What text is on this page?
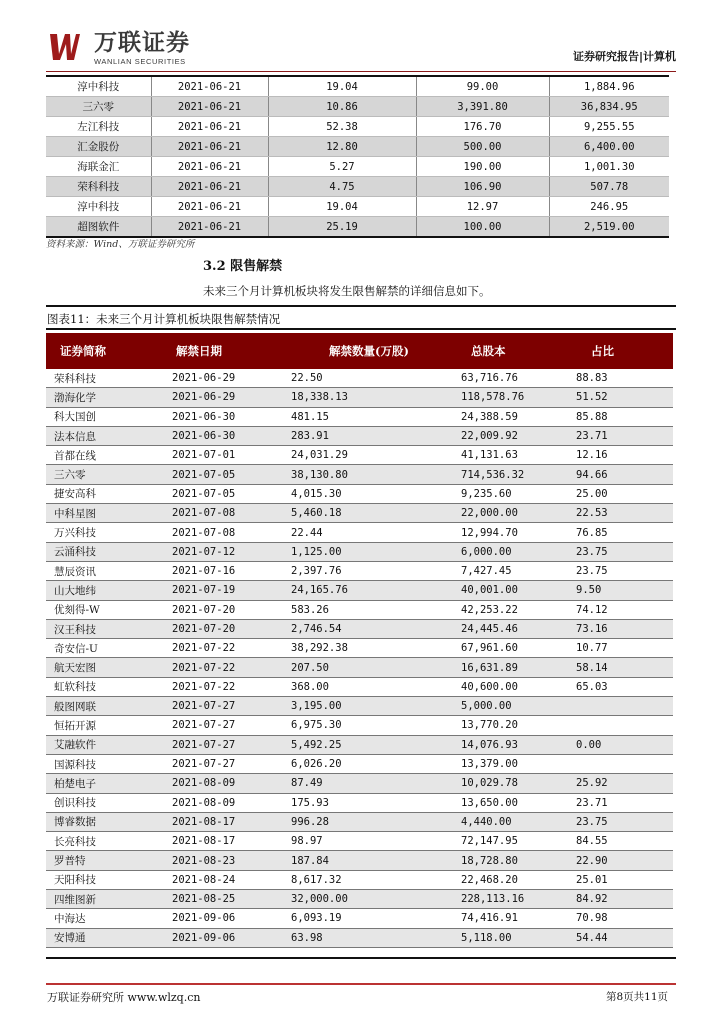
万联证券
WANLIAN SECURITIES	证券研究报告|计算机
淳中科技	2021-06-21	19.04	99.00	1,884.96
三六零	2021-06-21	10.86	3,391.80	36,834.95
左江科技	2021-06-21	52.38	176.70	9,255.55
汇金股份	2021-06-21	12.80	500.00	6,400.00
海联金汇	2021-06-21	5.27	190.00	1,001.30
荣科科技	2021-06-21	4.75	106.90	507.78
淳中科技	2021-06-21	19.04	12.97	246.95
超图软件	2021-06-21	25.19	100.00	2,519.00
资料来源：Wind、万联证券研究所
3.2 限售解禁
未来三个月计算机板块将发生限售解禁的详细信息如下。
图表11：未来三个月计算机板块限售解禁情况
证券简称	解禁日期	解禁数量(万股)	总股本	占比
荣科科技	2021-06-29	22.50	63,716.76	88.83
渤海化学	2021-06-29	18,338.13	118,578.76	51.52
科大国创	2021-06-30	481.15	24,388.59	85.88
法本信息	2021-06-30	283.91	22,009.92	23.71
首都在线	2021-07-01	24,031.29	41,131.63	12.16
三六零	2021-07-05	38,130.80	714,536.32	94.66
捷安高科	2021-07-05	4,015.30	9,235.60	25.00
中科星图	2021-07-08	5,460.18	22,000.00	22.53
万兴科技	2021-07-08	22.44	12,994.70	76.85
云涌科技	2021-07-12	1,125.00	6,000.00	23.75
慧辰资讯	2021-07-16	2,397.76	7,427.45	23.75
山大地纬	2021-07-19	24,165.76	40,001.00	9.50
优刻得-W	2021-07-20	583.26	42,253.22	74.12
汉王科技	2021-07-20	2,746.54	24,445.46	73.16
奇安信-U	2021-07-22	38,292.38	67,961.60	10.77
航天宏图	2021-07-22	207.50	16,631.89	58.14
虹软科技	2021-07-22	368.00	40,600.00	65.03
般图网联	2021-07-27	3,195.00	5,000.00	
恒拓开源	2021-07-27	6,975.30	13,770.20	
艾融软件	2021-07-27	5,492.25	14,076.93	0.00
国源科技	2021-07-27	6,026.20	13,379.00	
柏楚电子	2021-08-09	87.49	10,029.78	25.92
创识科技	2021-08-09	175.93	13,650.00	23.71
博睿数据	2021-08-17	996.28	4,440.00	23.75
长亮科技	2021-08-17	98.97	72,147.95	84.55
罗普特	2021-08-23	187.84	18,728.80	22.90
天阳科技	2021-08-24	8,617.32	22,468.20	25.01
四维图新	2021-08-25	32,000.00	228,113.16	84.92
中海达	2021-09-06	6,093.19	74,416.91	70.98
安博通	2021-09-06	63.98	5,118.00	54.44
万联证券研究所 www.wlzq.cn	第8页共11页
